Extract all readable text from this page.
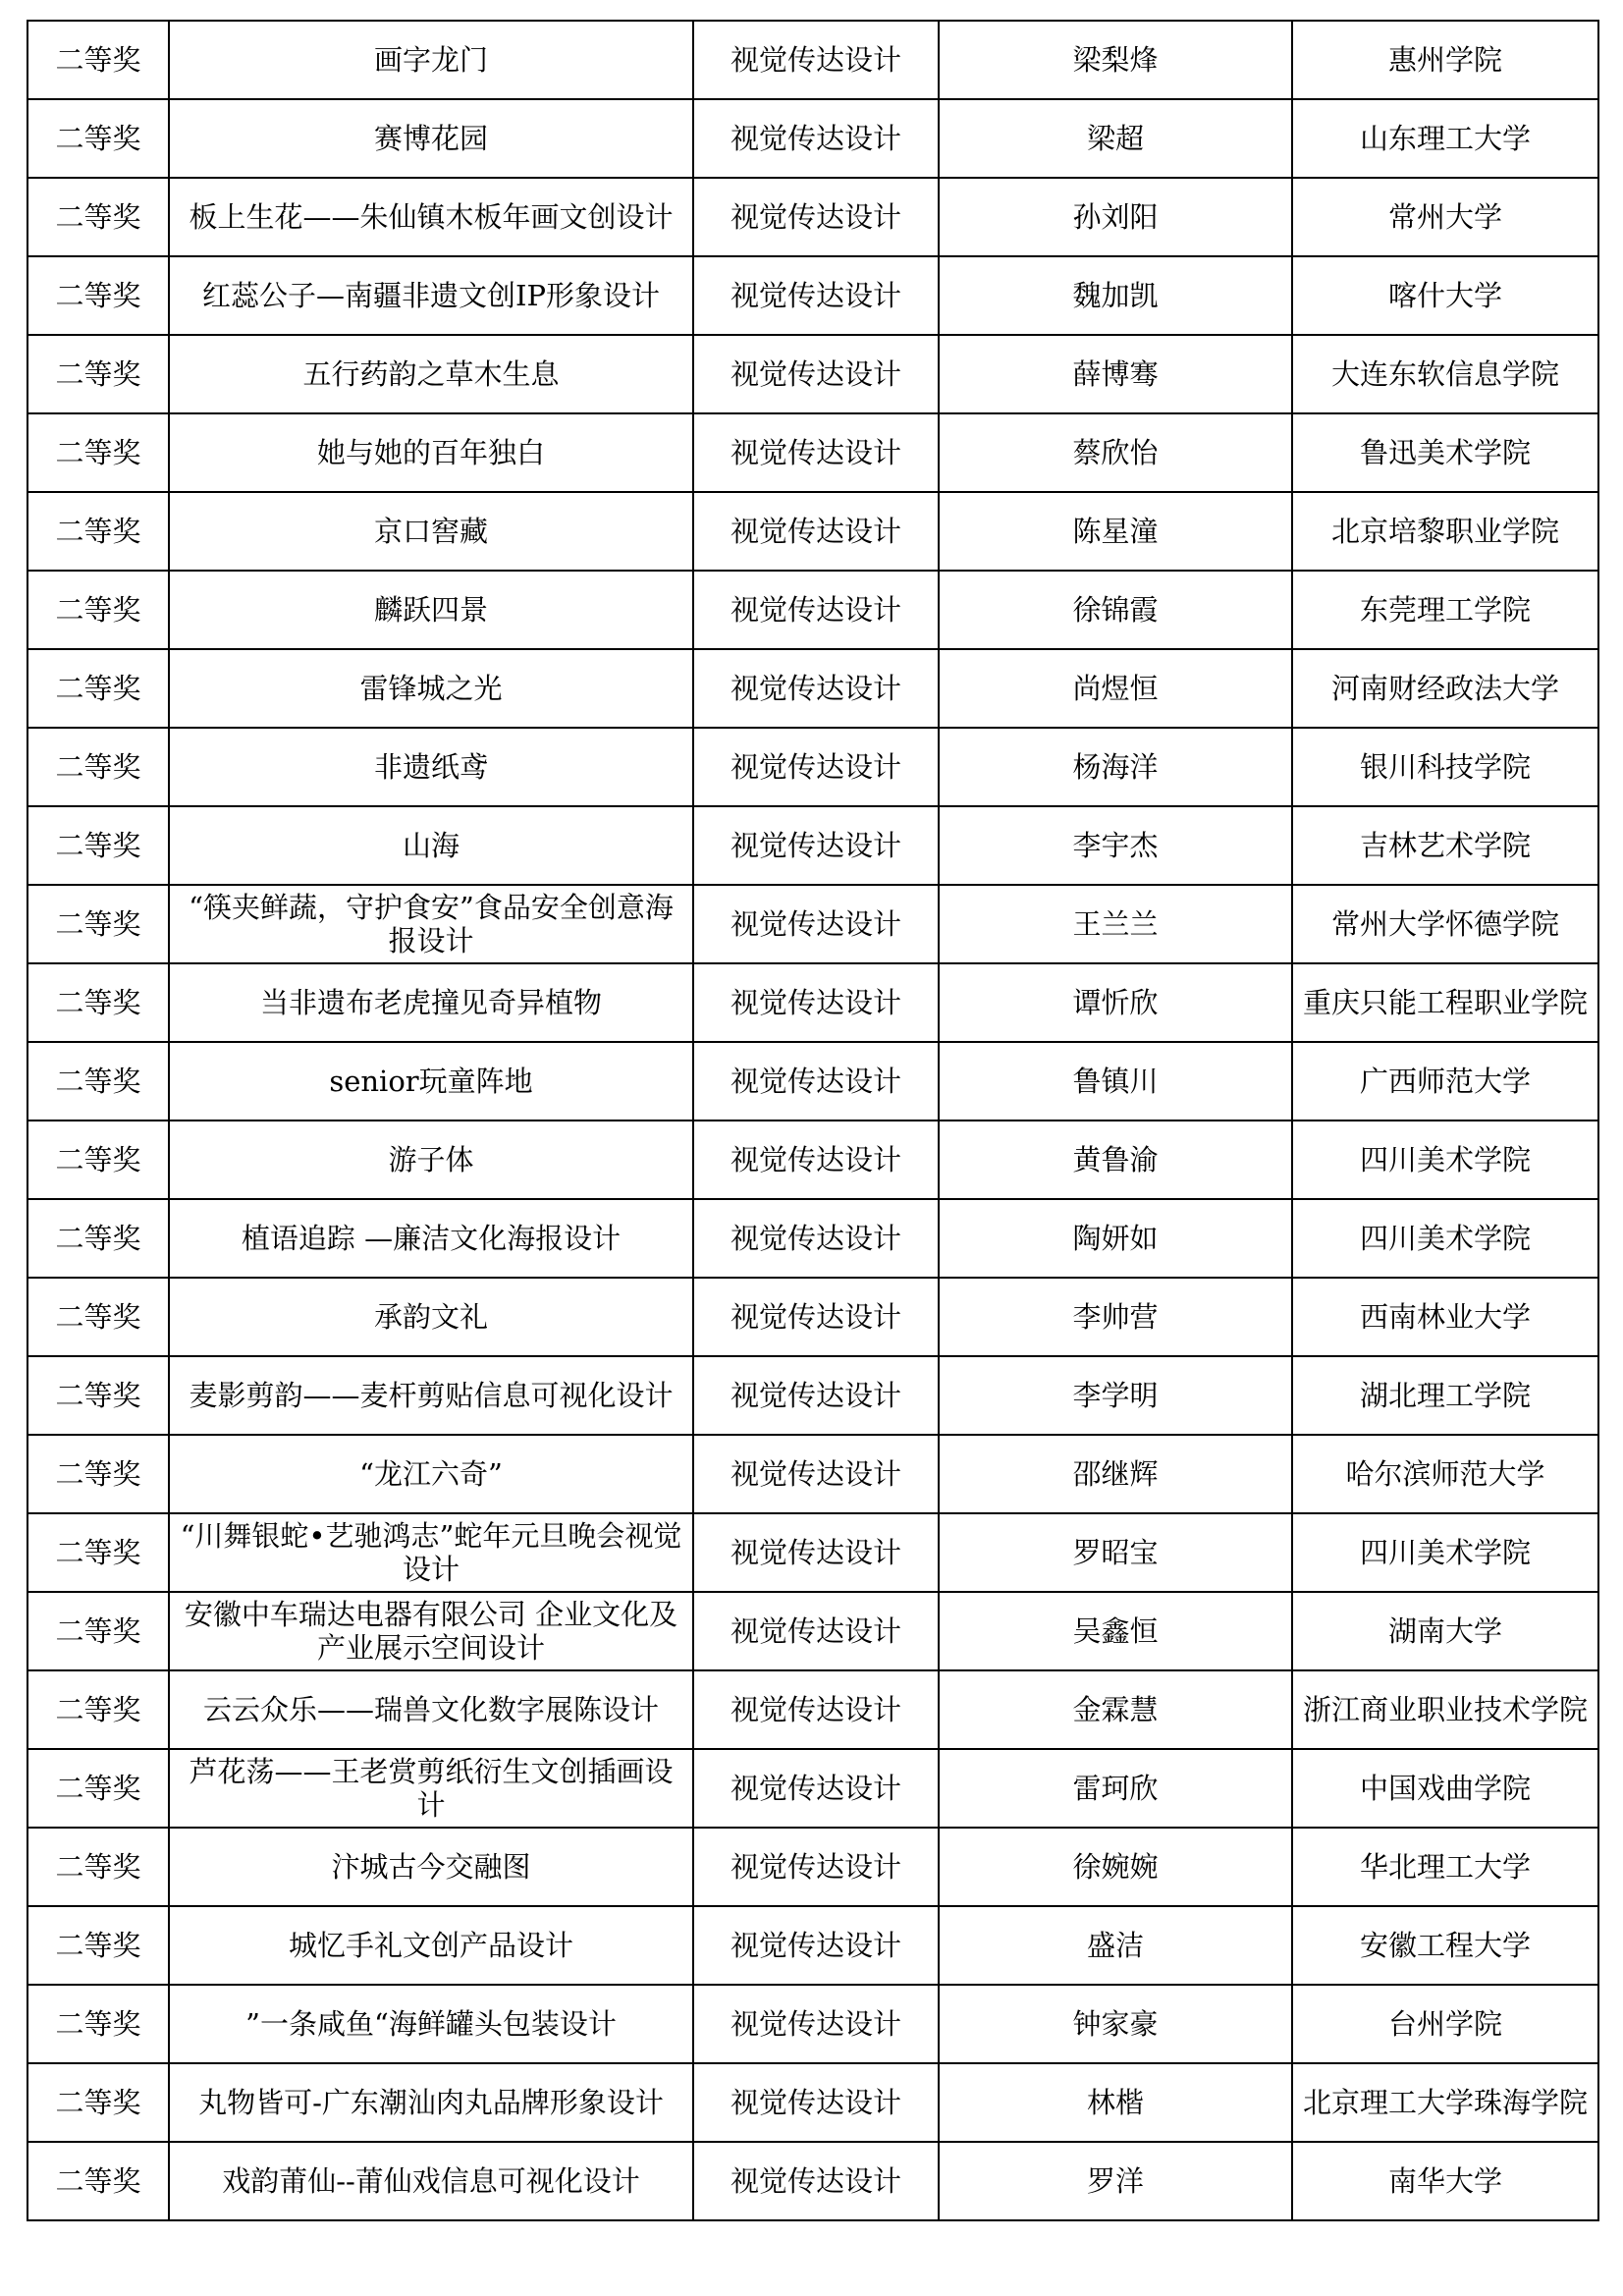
二等奖	画字龙门	视觉传达设计	梁梨烽	惠州学院
二等奖	赛博花园	视觉传达设计	梁超	山东理工大学
二等奖	板上生花——朱仙镇木板年画文创设计	视觉传达设计	孙刘阳	常州大学
二等奖	红蕊公子—南疆非遗文创IP形象设计	视觉传达设计	魏加凯	喀什大学
二等奖	五行药韵之草木生息	视觉传达设计	薛博骞	大连东软信息学院
二等奖	她与她的百年独白	视觉传达设计	蔡欣怡	鲁迅美术学院
二等奖	京口窖藏	视觉传达设计	陈星潼	北京培黎职业学院
二等奖	麟跃四景	视觉传达设计	徐锦霞	东莞理工学院
二等奖	雷锋城之光	视觉传达设计	尚煜恒	河南财经政法大学
二等奖	非遗纸鸢	视觉传达设计	杨海洋	银川科技学院
二等奖	山海	视觉传达设计	李宇杰	吉林艺术学院
二等奖	“筷夹鲜蔬，守护食安”食品安全创意海报设计	视觉传达设计	王兰兰	常州大学怀德学院
二等奖	当非遗布老虎撞见奇异植物	视觉传达设计	谭忻欣	重庆只能工程职业学院
二等奖	senior玩童阵地	视觉传达设计	鲁镇川	广西师范大学
二等奖	游子体	视觉传达设计	黄鲁渝	四川美术学院
二等奖	植语追踪 —廉洁文化海报设计	视觉传达设计	陶妍如	四川美术学院
二等奖	承韵文礼	视觉传达设计	李帅营	西南林业大学
二等奖	麦影剪韵——麦杆剪贴信息可视化设计	视觉传达设计	李学明	湖北理工学院
二等奖	“龙江六奇”	视觉传达设计	邵继辉	哈尔滨师范大学
二等奖	“川舞银蛇•艺驰鸿志”蛇年元旦晚会视觉设计	视觉传达设计	罗昭宝	四川美术学院
二等奖	安徽中车瑞达电器有限公司 企业文化及产业展示空间设计	视觉传达设计	吴鑫恒	湖南大学
二等奖	云云众乐——瑞兽文化数字展陈设计	视觉传达设计	金霖慧	浙江商业职业技术学院
二等奖	芦花荡——王老赏剪纸衍生文创插画设计	视觉传达设计	雷珂欣	中国戏曲学院
二等奖	汴城古今交融图	视觉传达设计	徐婉婉	华北理工大学
二等奖	城忆手礼文创产品设计	视觉传达设计	盛洁	安徽工程大学
二等奖	”一条咸鱼“海鲜罐头包装设计	视觉传达设计	钟家豪	台州学院
二等奖	丸物皆可-广东潮汕肉丸品牌形象设计	视觉传达设计	林楷	北京理工大学珠海学院
二等奖	戏韵莆仙--莆仙戏信息可视化设计	视觉传达设计	罗洋	南华大学
